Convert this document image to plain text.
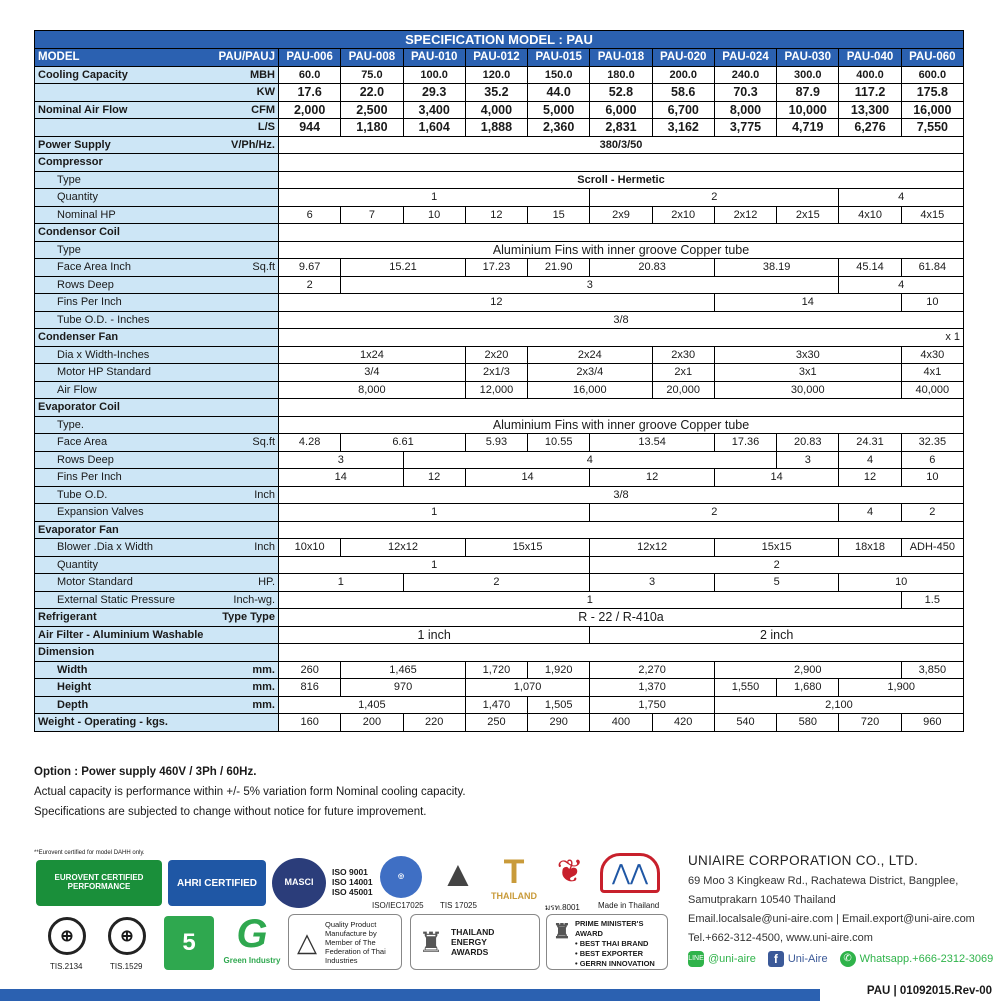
SPECIFICATION MODEL : PAU											

MODEL PAU/PAUJ	PAU-006	PAU-008	PAU-010	PAU-012	PAU-015	PAU-018	PAU-020	PAU-024	PAU-030	PAU-040	PAU-060
Cooling Capacity MBH	60.0	75.0	100.0	120.0	150.0	180.0	200.0	240.0	300.0	400.0	600.0

KW	17.6	22.0	29.3	35.2	44.0	52.8	58.6	70.3	87.9	117.2	175.8
Nominal Air Flow CFM	2,000	2,500	3,400	4,000	5,000	6,000	6,700	8,000	10,000	13,300	16,000

L/S	944	1,180	1,604	1,888	2,360	2,831	3,162	3,775	4,719	6,276	7,550
Power Supply V/Ph/Hz.	380/3/50										
Compressor											
Type	Scroll - Hermetic										
Quantity	1					2				4	
Nominal HP	6	7	10	12	15	2x9	2x10	2x12	2x15	4x10	4x15
Condensor Coil											
Type	Aluminium Fins with inner groove Copper tube										
Face Area Inch Sq.ft	9.67	15.21		17.23	21.90	20.83		38.19		45.14	61.84
Rows Deep	2	3								4	
Fins Per Inch	12							14			10
Tube O.D. - Inches	3/8										
Condenser Fan	x 1										
Dia x Width-Inches	1x24			2x20	2x24		2x30	3x30			4x30
Motor HP Standard	3/4			2x1/3	2x3/4		2x1	3x1			4x1
Air Flow	8,000			12,000	16,000		20,000	30,000			40,000
Evaporator Coil											
Type.	Aluminium Fins with inner groove Copper tube										
Face Area Sq.ft	4.28	6.61		5.93	10.55	13.54		17.36	20.83	24.31	32.35
Rows Deep	3		4						3	4	6
Fins Per Inch	14		12	14		12		14		12	10
Tube O.D. Inch	3/8										
Expansion Valves	1					2				4	2
Evaporator Fan											
Blower .Dia x Width Inch	10x10	12x12		15x15		12x12		15x15		18x18	ADH-450
Quantity	1					2					
Motor Standard HP.	1		2			3		5		10	
External Static Pressure Inch-wg.	1										1.5
Refrigerant Type Type	R - 22 / R-410a										
Air Filter - Aluminium Washable	1 inch					2 inch					
Dimension											
Width mm.	260	1,465		1,720	1,920	2,270		2,900			3,850
Height mm.	816	970		1,070		1,370		1,550	1,680	1,900	
Depth mm.	1,405			1,470	1,505	1,750		2,100			
Weight - Operating - kgs.	160	200	220	250	290	400	420	540	580	720	960
Option : Power supply 460V / 3Ph / 60Hz.
Actual capacity is performance within +/- 5% variation form Nominal cooling capacity.
Specifications are subjected to change without notice for future improvement.
**Eurovent certified for model DAHH only.
EUROVENT CERTIFIED PERFORMANCE	AHRI CERTIFIED	MASCI
ISO 9001
ISO 14001
ISO 45001
◎
ISO/IEC17025
▲
TIS 17025
T
THAILAND
มรท.8001
❦	⋀⋀
Made in Thailand
⊕
TIS.2134
⊕
TIS.1529
5	G
Green Industry
△
Quality Product Manufacture by Member of The Federation of Thai Industries
♜ THAILAND ENERGY AWARDS
♜ PRIME MINISTER'S AWARD
• BEST THAI BRAND
• BEST EXPORTER
• GERRN INNOVATION
UNIAIRE CORPORATION CO., LTD.
69 Moo 3 Kingkeaw Rd., Rachatewa District, Bangplee,
Samutprakarn 10540 Thailand
Email.localsale@uni-aire.com | Email.export@uni-aire.com
Tel.+662-312-4500, www.uni-aire.com
LINE @uni-aire	f Uni-Aire	✆ Whatsapp.+666-2312-3069
PAU | 01092015.Rev-00
